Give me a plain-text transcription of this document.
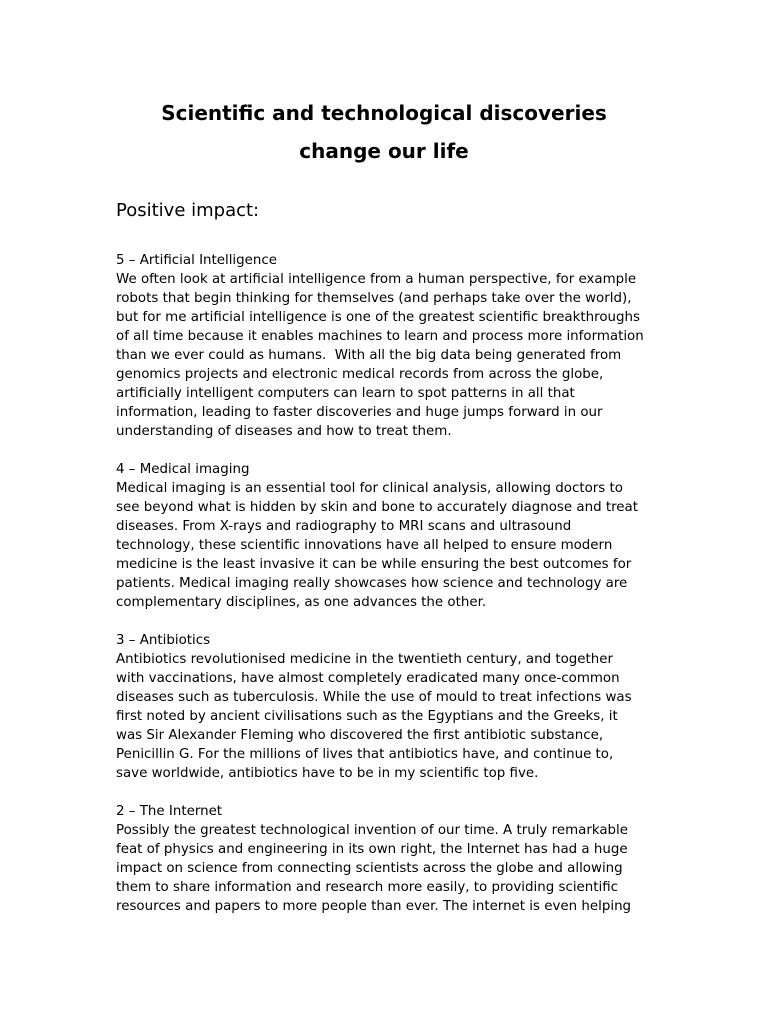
Scientific and technological discoveries
change our life
Positive impact:
5 – Artificial Intelligence
We often look at artificial intelligence from a human perspective, for example
robots that begin thinking for themselves (and perhaps take over the world),
but for me artificial intelligence is one of the greatest scientific breakthroughs
of all time because it enables machines to learn and process more information
than we ever could as humans.  With all the big data being generated from
genomics projects and electronic medical records from across the globe,
artificially intelligent computers can learn to spot patterns in all that
information, leading to faster discoveries and huge jumps forward in our
understanding of diseases and how to treat them.
4 – Medical imaging
Medical imaging is an essential tool for clinical analysis, allowing doctors to
see beyond what is hidden by skin and bone to accurately diagnose and treat
diseases. From X-rays and radiography to MRI scans and ultrasound
technology, these scientific innovations have all helped to ensure modern
medicine is the least invasive it can be while ensuring the best outcomes for
patients. Medical imaging really showcases how science and technology are
complementary disciplines, as one advances the other.
3 – Antibiotics
Antibiotics revolutionised medicine in the twentieth century, and together
with vaccinations, have almost completely eradicated many once-common
diseases such as tuberculosis. While the use of mould to treat infections was
first noted by ancient civilisations such as the Egyptians and the Greeks, it
was Sir Alexander Fleming who discovered the first antibiotic substance,
Penicillin G. For the millions of lives that antibiotics have, and continue to,
save worldwide, antibiotics have to be in my scientific top five.
2 – The Internet
Possibly the greatest technological invention of our time. A truly remarkable
feat of physics and engineering in its own right, the Internet has had a huge
impact on science from connecting scientists across the globe and allowing
them to share information and research more easily, to providing scientific
resources and papers to more people than ever. The internet is even helping
